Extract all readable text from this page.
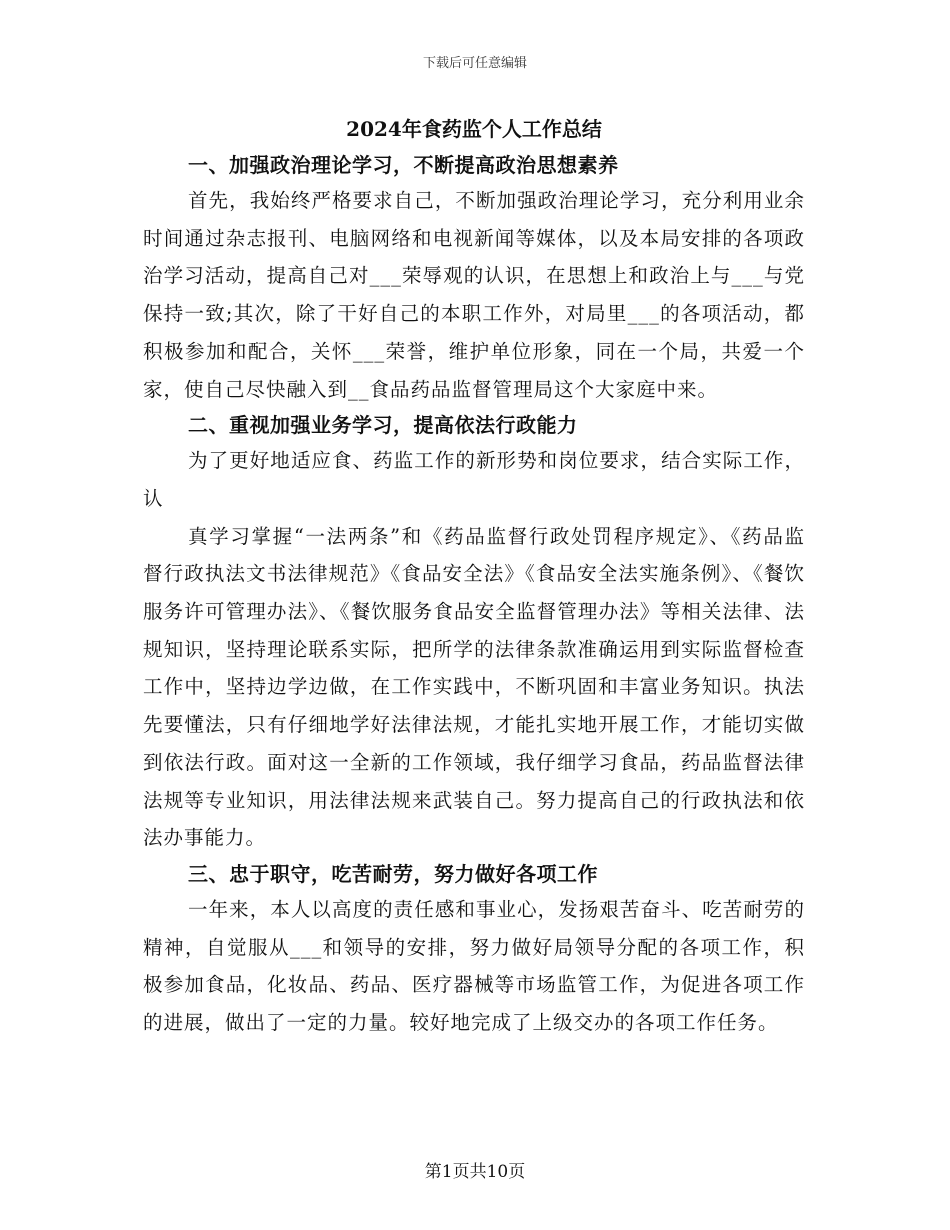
下载后可任意编辑
2024年食药监个人工作总结
一、加强政治理论学习，不断提高政治思想素养

首先，我始终严格要求自己，不断加强政治理论学习，充分利用业余时间通过杂志报刊、电脑网络和电视新闻等媒体，以及本局安排的各项政治学习活动，提高自己对___荣辱观的认识，在思想上和政治上与___与党保持一致;其次，除了干好自己的本职工作外，对局里___的各项活动，都积极参加和配合，关怀___荣誉，维护单位形象，同在一个局，共爱一个家，使自己尽快融入到__食品药品监督管理局这个大家庭中来。

二、重视加强业务学习，提高依法行政能力

为了更好地适应食、药监工作的新形势和岗位要求，结合实际工作，认

真学习掌握“一法两条”和《药品监督行政处罚程序规定》、《药品监督行政执法文书法律规范》《食品安全法》《食品安全法实施条例》、《餐饮服务许可管理办法》、《餐饮服务食品安全监督管理办法》等相关法律、法规知识，坚持理论联系实际，把所学的法律条款准确运用到实际监督检查工作中，坚持边学边做，在工作实践中，不断巩固和丰富业务知识。执法先要懂法，只有仔细地学好法律法规，才能扎实地开展工作，才能切实做到依法行政。面对这一全新的工作领域，我仔细学习食品，药品监督法律法规等专业知识，用法律法规来武装自己。努力提高自己的行政执法和依法办事能力。

三、忠于职守，吃苦耐劳，努力做好各项工作

一年来，本人以高度的责任感和事业心，发扬艰苦奋斗、吃苦耐劳的精神，自觉服从___和领导的安排，努力做好局领导分配的各项工作，积极参加食品，化妆品、药品、医疗器械等市场监管工作，为促进各项工作的进展，做出了一定的力量。较好地完成了上级交办的各项工作任务。

第1页共10页
